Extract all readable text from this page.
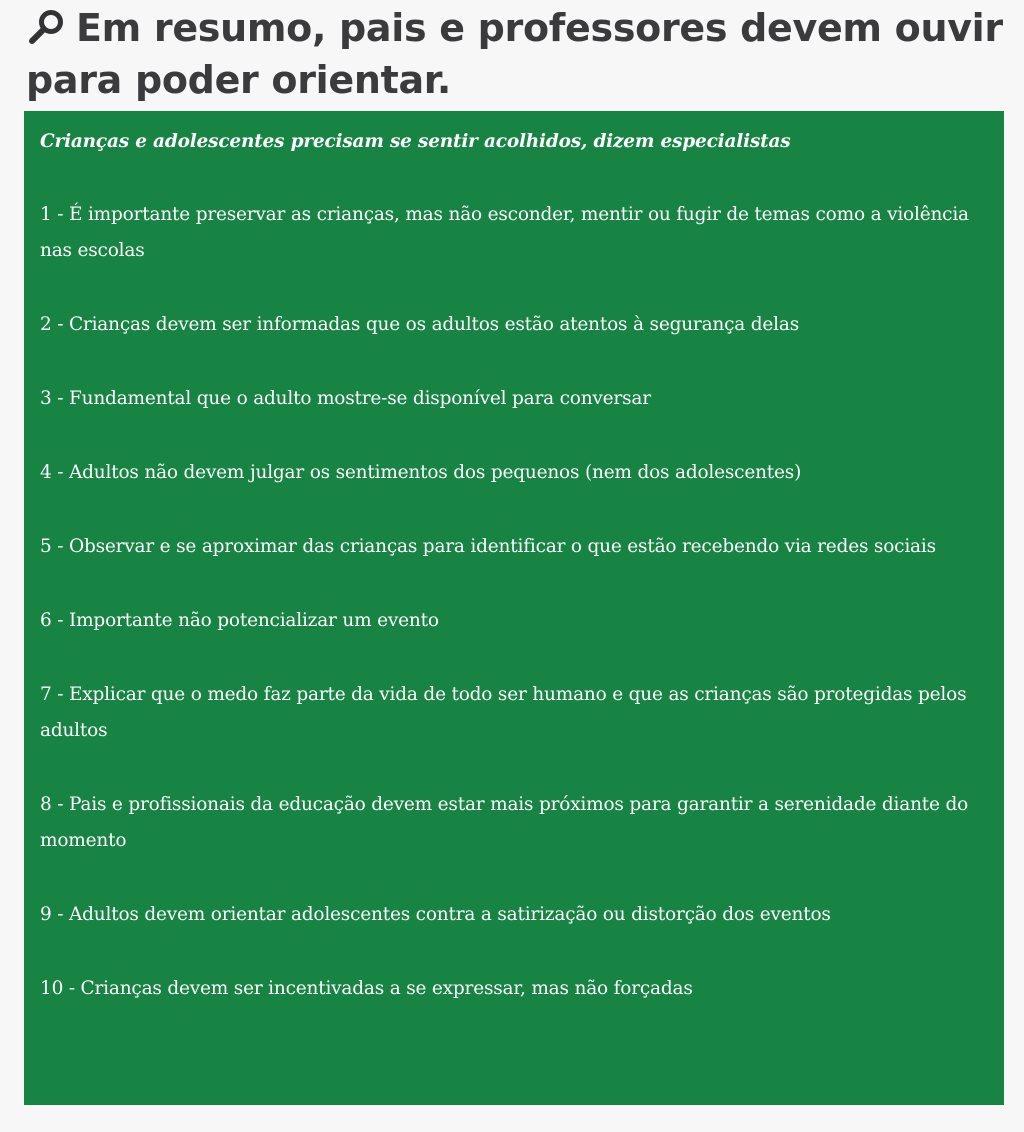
Em resumo, pais e professores devem ouvir para poder orientar.

Crianças e adolescentes precisam se sentir acolhidos, dizem especialistas

1 - É importante preservar as crianças, mas não esconder, mentir ou fugir de temas como a violência nas escolas
2 - Crianças devem ser informadas que os adultos estão atentos à segurança delas
3 - Fundamental que o adulto mostre-se disponível para conversar
4 - Adultos não devem julgar os sentimentos dos pequenos (nem dos adolescentes)
5 - Observar e se aproximar das crianças para identificar o que estão recebendo via redes sociais
6 - Importante não potencializar um evento
7 - Explicar que o medo faz parte da vida de todo ser humano e que as crianças são protegidas pelos adultos
8 - Pais e profissionais da educação devem estar mais próximos para garantir a serenidade diante do momento
9 - Adultos devem orientar adolescentes contra a satirização ou distorção dos eventos
10 - Crianças devem ser incentivadas a se expressar, mas não forçadas
